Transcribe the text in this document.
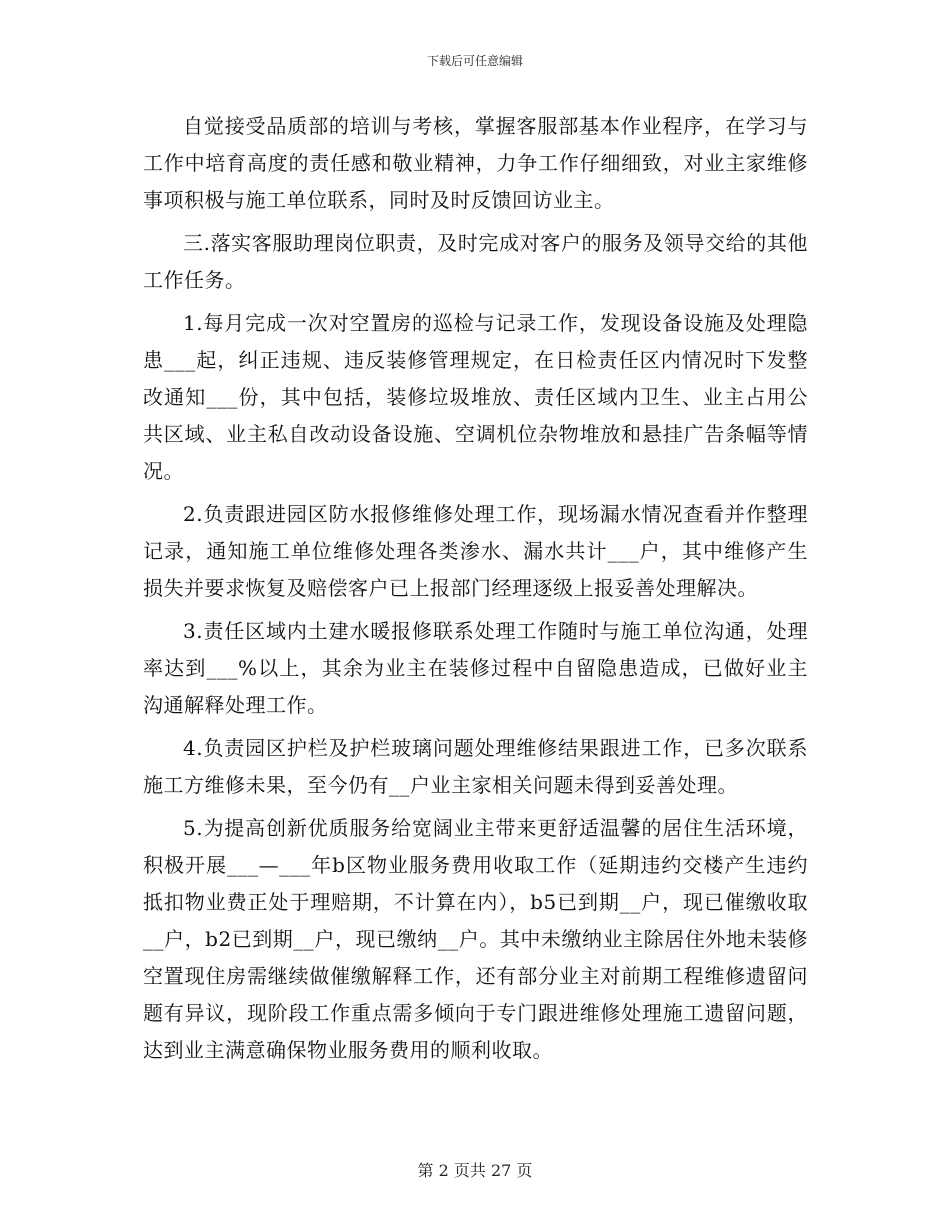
下载后可任意编辑

自觉接受品质部的培训与考核，掌握客服部基本作业程序，在学习与工作中培育高度的责任感和敬业精神，力争工作仔细细致，对业主家维修事项积极与施工单位联系，同时及时反馈回访业主。

三.落实客服助理岗位职责，及时完成对客户的服务及领导交给的其他工作任务。

1.每月完成一次对空置房的巡检与记录工作，发现设备设施及处理隐患___起，纠正违规、违反装修管理规定，在日检责任区内情况时下发整改通知___份，其中包括，装修垃圾堆放、责任区域内卫生、业主占用公共区域、业主私自改动设备设施、空调机位杂物堆放和悬挂广告条幅等情况。

2.负责跟进园区防水报修维修处理工作，现场漏水情况查看并作整理记录，通知施工单位维修处理各类渗水、漏水共计___户，其中维修产生损失并要求恢复及赔偿客户已上报部门经理逐级上报妥善处理解决。

3.责任区域内土建水暖报修联系处理工作随时与施工单位沟通，处理率达到___%以上，其余为业主在装修过程中自留隐患造成，已做好业主沟通解释处理工作。

4.负责园区护栏及护栏玻璃问题处理维修结果跟进工作，已多次联系施工方维修未果，至今仍有__户业主家相关问题未得到妥善处理。

5.为提高创新优质服务给宽阔业主带来更舒适温馨的居住生活环境，积极开展___—___年b区物业服务费用收取工作（延期违约交楼产生违约抵扣物业费正处于理赔期，不计算在内），b5已到期__户，现已催缴收取__户，b2已到期__户，现已缴纳__户。其中未缴纳业主除居住外地未装修空置现住房需继续做催缴解释工作，还有部分业主对前期工程维修遗留问题有异议，现阶段工作重点需多倾向于专门跟进维修处理施工遗留问题，达到业主满意确保物业服务费用的顺利收取。

第 2 页共 27 页
